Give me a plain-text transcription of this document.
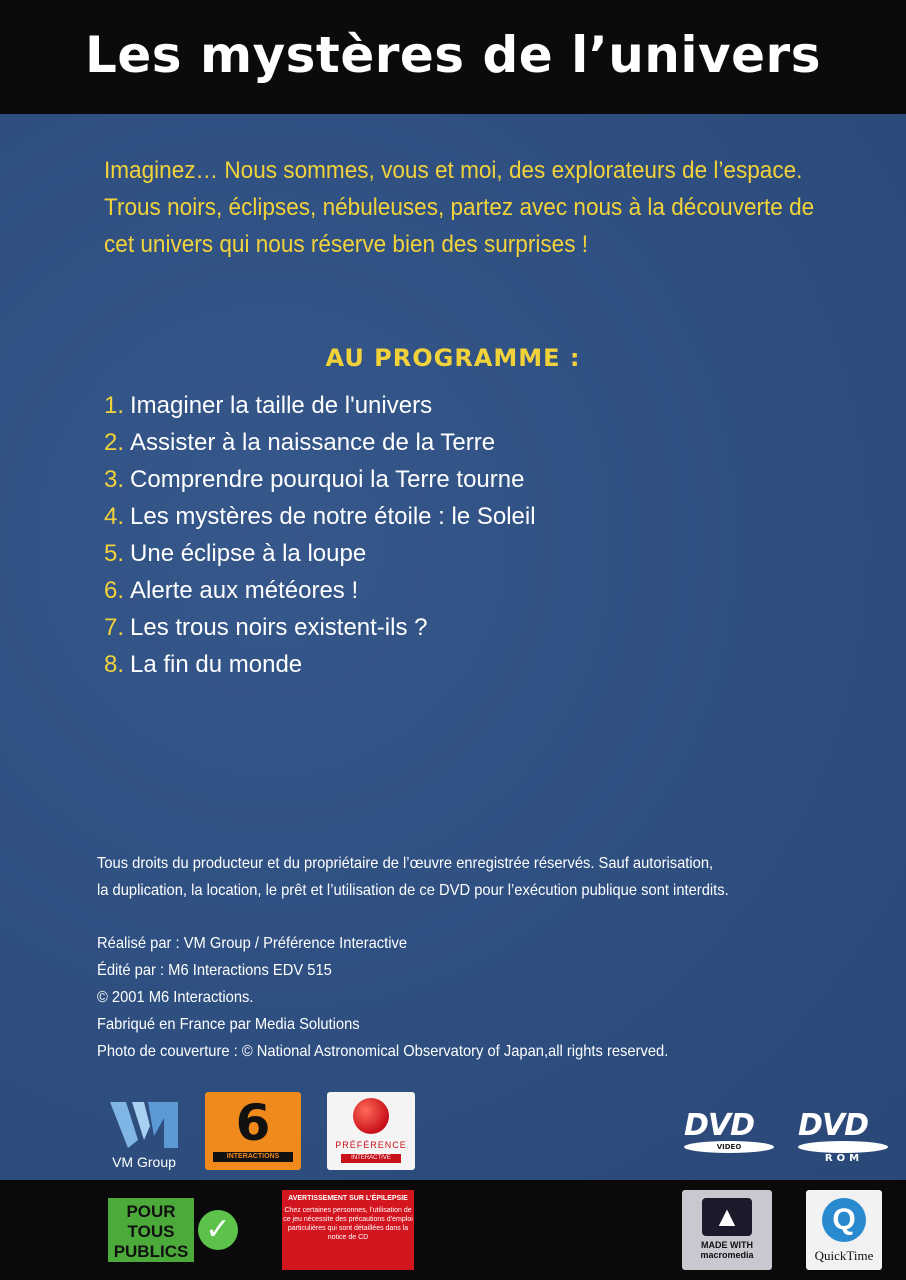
Les mystères de l’univers
Imaginez… Nous sommes, vous et moi, des explorateurs de l’espace.
Trous noirs, éclipses, nébuleuses, partez avec nous à la découverte de
cet univers qui nous réserve bien des surprises !
AU PROGRAMME :
1. Imaginer la taille de l'univers
2. Assister à la naissance de la Terre
3. Comprendre pourquoi la Terre tourne
4. Les mystères de notre étoile : le Soleil
5. Une éclipse à la loupe
6. Alerte aux météores !
7. Les trous noirs existent-ils ?
8. La fin du monde
Tous droits du producteur et du propriétaire de l’œuvre enregistrée réservés. Sauf autorisation,
la duplication, la location, le prêt et l’utilisation de ce DVD pour l’exécution publique sont interdits.
Réalisé par : VM Group / Préférence Interactive
Édité par : M6 Interactions EDV 515
© 2001 M6 Interactions.
Fabriqué en France par Media Solutions
Photo de couverture : © National Astronomical Observatory of Japan,all rights reserved.
VM Group
6
INTERACTIONS
PRÉFÉRENCE
INTERACTIVE
DVD
VIDEO
DVD
ROM
POUR TOUS
PUBLICS
✓
AVERTISSEMENT SUR L’ÉPILEPSIE
Chez certaines personnes, l’utilisation de ce jeu nécessite des précautions d’emploi particulières qui sont détaillées dans la notice de CD
▲
MADE WITH
macromedia
Q
QuickTime
